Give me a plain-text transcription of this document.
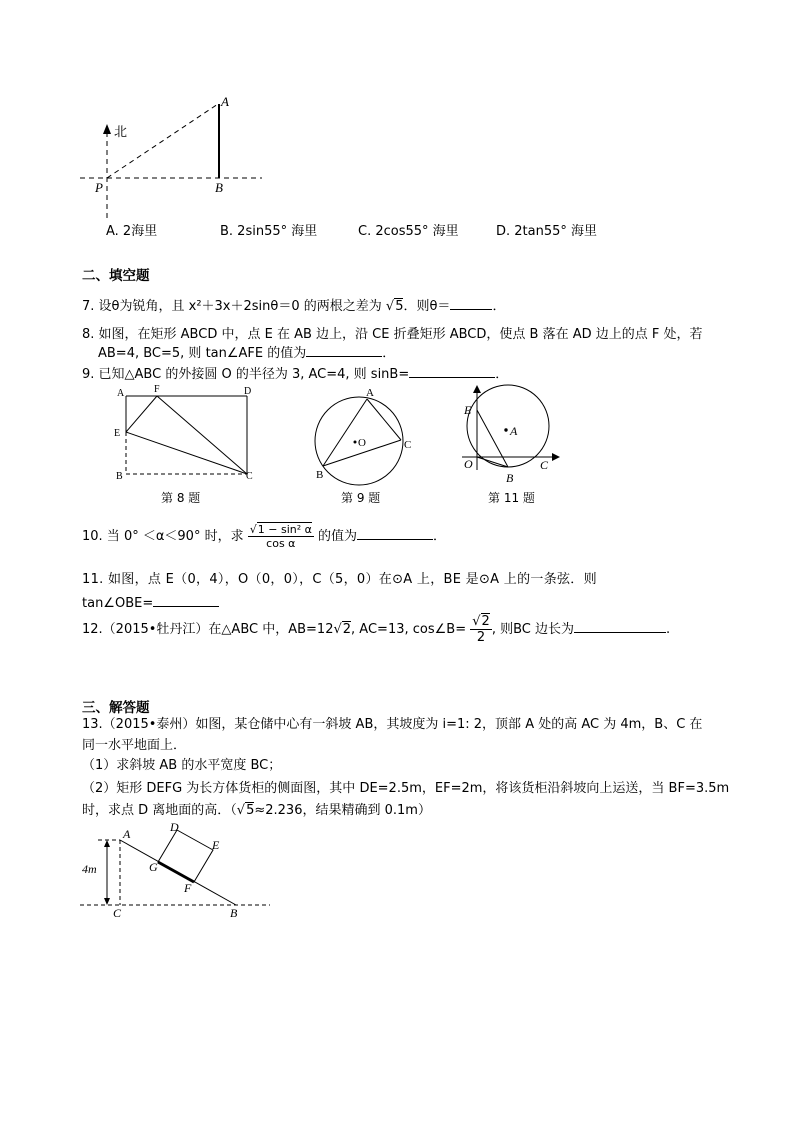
北
A
P	B
A. 2海里	B. 2sin55° 海里	C. 2cos55° 海里	D. 2tan55° 海里
二、填空题
7. 设θ为锐角，且 x²＋3x＋2sinθ＝0 的两根之差为 √5．则θ＝	．
8. 如图，在矩形 ABCD 中，点 E 在 AB 边上，沿 CE 折叠矩形 ABCD，使点 B 落在 AD 边上的点 F 处，若
AB=4, BC=5, 则 tan∠AFE 的值为	．
9. 已知△ABC 的外接圆 O 的半径为 3, AC=4, 则 sinB=	．
A	F	D
E
B	C
第 8 题
A
O	C
B
第 9 题
E
A
O
B
C
第 11 题
10. 当 0° ＜α＜90° 时，求 $\frac{\text{√1 − sin² α}}{\text{cos α}}$ 的值为	．
11. 如图，点 E（0，4），O（0，0），C（5，0）在⊙A 上，BE 是⊙A 上的一条弦．则
tan∠OBE=
12.（2015•牡丹江）在△ABC 中，AB=12√2, AC=13, cos∠B= $\frac{√2}{2}$ , 则BC 边长为	.
三、解答题
13.（2015•泰州）如图，某仓储中心有一斜坡 AB，其坡度为 i=1: 2，顶部 A 处的高 AC 为 4m，B、C 在
同一水平地面上．
（1）求斜坡 AB 的水平宽度 BC；
（2）矩形 DEFG 为长方体货柜的侧面图，其中 DE=2.5m，EF=2m，将该货柜沿斜坡向上运送，当 BF=3.5m
时，求点 D 离地面的高．（√5≈2.236，结果精确到 0.1m）
A	D
E
G
F
4m
C	B
